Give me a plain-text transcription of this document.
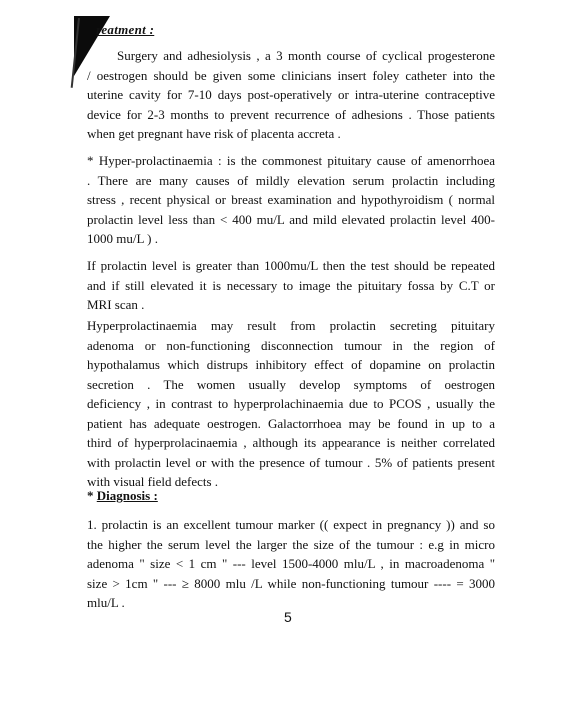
reatment :
Surgery and adhesiolysis , a 3 month course of cyclical progesterone
/ oestrogen should be given some clinicians insert foley catheter into the
uterine cavity for 7-10 days post-operatively or intra-uterine contraceptive
device for 2-3 months to prevent recurrence of adhesions . Those patients
when get pregnant have risk of placenta accreta .
* Hyper-prolactinaemia : is the commonest pituitary cause of amenorrhoea
. There are many causes of mildly elevation serum prolactin including
stress , recent physical or breast examination and hypothyroidism ( normal
prolactin level less than < 400 mu/L and mild elevated prolactin level 400-
1000 mu/L ) .
If prolactin level is greater than 1000mu/L then the test should be repeated
and if still elevated it is necessary to image the pituitary fossa by C.T or
MRI scan .
Hyperprolactinaemia may result from prolactin secreting pituitary
adenoma or non-functioning disconnection tumour in the region of
hypothalamus which distrups inhibitory effect of dopamine on prolactin
secretion . The women usually develop symptoms of oestrogen
deficiency , in contrast to hyperprolachinaemia due to PCOS , usually the
patient has adequate oestrogen. Galactorrhoea may be found in up to a
third of hyperprolacinaemia , although its appearance is neither correlated
with prolactin level or with the presence of tumour . 5% of patients present
with visual field defects .
* Diagnosis :
1. prolactin is an excellent tumour marker (( expect in pregnancy )) and so
the higher the serum level the larger the size of the tumour : e.g in micro
adenoma " size < 1 cm " --- level 1500-4000 mlu/L , in macroadenoma "
size > 1cm " --- ≥ 8000 mlu /L while non-functioning tumour ---- = 3000
mlu/L .
5
